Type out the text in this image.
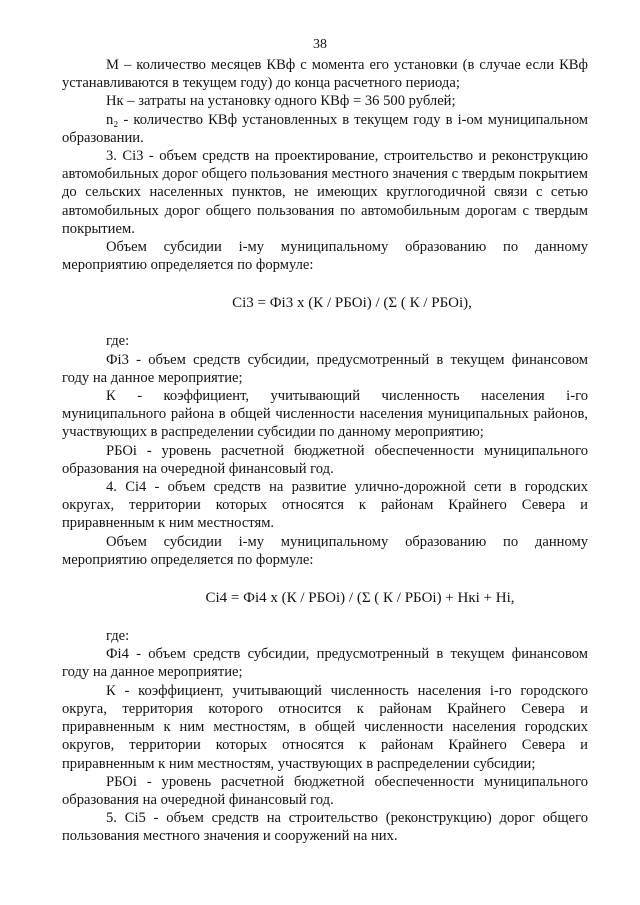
38

М – количество месяцев КВф с момента его установки (в случае если КВф устанавливаются в текущем году) до конца расчетного периода;

Нк – затраты на установку одного КВф = 36 500 рублей;

n₂ - количество КВф установленных в текущем году в i-ом муниципальном образовании.

3. Сi3 - объем средств на проектирование, строительство и реконструкцию автомобильных дорог общего пользования местного значения с твердым покрытием до сельских населенных пунктов, не имеющих круглогодичной связи с сетью автомобильных дорог общего пользования по автомобильным дорогам с твердым покрытием.

Объем субсидии i-му муниципальному образованию по данному мероприятию определяется по формуле:

Сi3 = Фi3 х (К / РБОi) / (Σ ( К / РБОi),

где:

Фi3 - объем средств субсидии, предусмотренный в текущем финансовом году на данное мероприятие;

К - коэффициент, учитывающий численность населения i-го муниципального района в общей численности населения муниципальных районов, участвующих в распределении субсидии по данному мероприятию;

РБОi - уровень расчетной бюджетной обеспеченности муниципального образования на очередной финансовый год.

4. Сi4 - объем средств на развитие улично-дорожной сети в городских округах, территории которых относятся к районам Крайнего Севера и приравненным к ним местностям.

Объем субсидии i-му муниципальному образованию по данному мероприятию определяется по формуле:

Сi4 = Фi4 х (К / РБОi) / (Σ ( К / РБОi) + Нкi + Нi,

где:

Фi4 - объем средств субсидии, предусмотренный в текущем финансовом году на данное мероприятие;

К - коэффициент, учитывающий численность населения i-го городского округа, территория которого относится к районам Крайнего Севера и приравненным к ним местностям, в общей численности населения городских округов, территории которых относятся к районам Крайнего Севера и приравненным к ним местностям, участвующих в распределении субсидии;

РБОi - уровень расчетной бюджетной обеспеченности муниципального образования на очередной финансовый год.

5. Сi5 - объем средств на строительство (реконструкцию) дорог общего пользования местного значения и сооружений на них.
